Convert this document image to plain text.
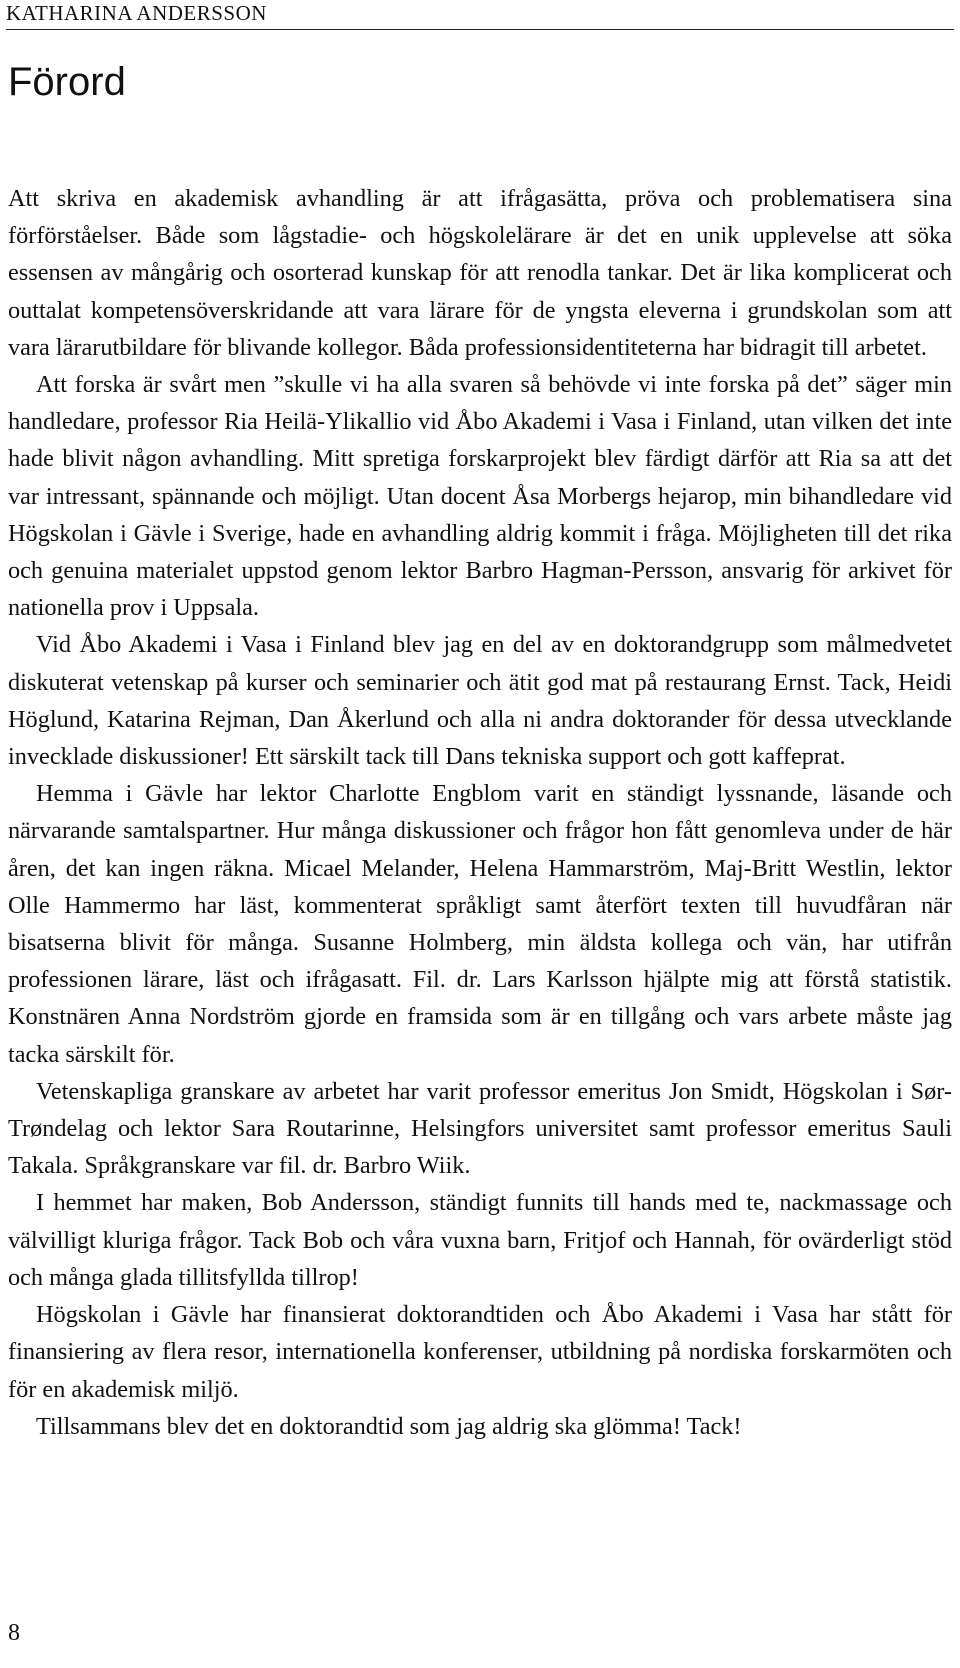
KATHARINA ANDERSSON
Förord

Att skriva en akademisk avhandling är att ifrågasätta, pröva och problematisera sina förförståelser. Både som lågstadie- och högskolelärare är det en unik upplevelse att söka essensen av mångårig och osorterad kunskap för att renodla tankar. Det är lika komplicerat och outtalat kompetensöverskridande att vara lärare för de yngsta eleverna i grundskolan som att vara lärarutbildare för blivande kollegor. Båda professionsidentiteterna har bidragit till arbetet.

Att forska är svårt men ”skulle vi ha alla svaren så behövde vi inte forska på det” säger min handledare, professor Ria Heilä-Ylikallio vid Åbo Akademi i Vasa i Finland, utan vilken det inte hade blivit någon avhandling. Mitt spretiga forskarprojekt blev färdigt därför att Ria sa att det var intressant, spännande och möjligt. Utan docent Åsa Morbergs hejarop, min bihandledare vid Högskolan i Gävle i Sverige, hade en avhandling aldrig kommit i fråga. Möjligheten till det rika och genuina materialet uppstod genom lektor Barbro Hagman-Persson, ansvarig för arkivet för nationella prov i Uppsala.

Vid Åbo Akademi i Vasa i Finland blev jag en del av en doktorandgrupp som målmedvetet diskuterat vetenskap på kurser och seminarier och ätit god mat på restaurang Ernst. Tack, Heidi Höglund, Katarina Rejman, Dan Åkerlund och alla ni andra doktorander för dessa utvecklande invecklade diskussioner! Ett särskilt tack till Dans tekniska support och gott kaffeprat.

Hemma i Gävle har lektor Charlotte Engblom varit en ständigt lyssnande, läsande och närvarande samtalspartner. Hur många diskussioner och frågor hon fått genomleva under de här åren, det kan ingen räkna. Micael Melander, Helena Hammarström, Maj-Britt Westlin, lektor Olle Hammermo har läst, kommenterat språkligt samt återfört texten till huvudfåran när bisatserna blivit för många. Susanne Holmberg, min äldsta kollega och vän, har utifrån professionen lärare, läst och ifrågasatt. Fil. dr. Lars Karlsson hjälpte mig att förstå statistik. Konstnären Anna Nordström gjorde en framsida som är en tillgång och vars arbete måste jag tacka särskilt för.

Vetenskapliga granskare av arbetet har varit professor emeritus Jon Smidt, Högskolan i Sør-Trøndelag och lektor Sara Routarinne, Helsingfors universitet samt professor emeritus Sauli Takala. Språkgranskare var fil. dr. Barbro Wiik.

I hemmet har maken, Bob Andersson, ständigt funnits till hands med te, nackmassage och välvilligt kluriga frågor. Tack Bob och våra vuxna barn, Fritjof och Hannah, för ovärderligt stöd och många glada tillitsfyllda tillrop!

Högskolan i Gävle har finansierat doktorandtiden och Åbo Akademi i Vasa har stått för finansiering av flera resor, internationella konferenser, utbildning på nordiska forskarmöten och för en akademisk miljö.

Tillsammans blev det en doktorandtid som jag aldrig ska glömma! Tack!

8
